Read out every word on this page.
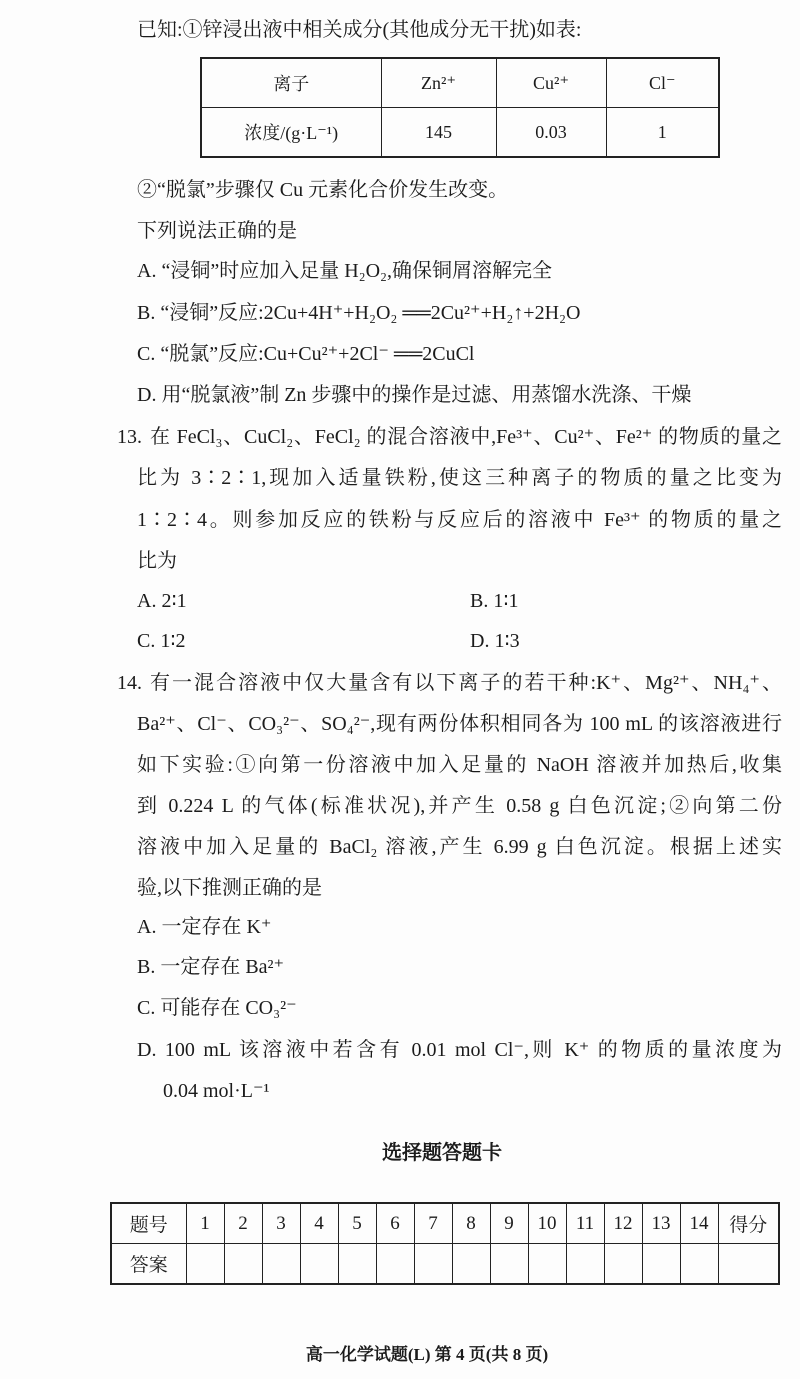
已知:①锌浸出液中相关成分(其他成分无干扰)如表:
离子	Zn²⁺	Cu²⁺	Cl⁻
浓度/(g·L⁻¹)	145	0.03	1
②“脱氯”步骤仅 Cu 元素化合价发生改变。
下列说法正确的是
A. “浸铜”时应加入足量 H₂O₂,确保铜屑溶解完全
B. “浸铜”反应:2Cu+4H⁺+H₂O₂ ══2Cu²⁺+H₂↑+2H₂O
C. “脱氯”反应:Cu+Cu²⁺+2Cl⁻ ══2CuCl
D. 用“脱氯液”制 Zn 步骤中的操作是过滤、用蒸馏水洗涤、干燥
13. 在 FeCl₃、CuCl₂、FeCl₂ 的混合溶液中,Fe³⁺、Cu²⁺、Fe²⁺ 的物质的量之
比为 3∶2∶1,现加入适量铁粉,使这三种离子的物质的量之比变为
1∶2∶4。则参加反应的铁粉与反应后的溶液中 Fe³⁺ 的物质的量之
比为
A. 2∶1	B. 1∶1
C. 1∶2	D. 1∶3
14. 有一混合溶液中仅大量含有以下离子的若干种:K⁺、Mg²⁺、NH₄⁺、
Ba²⁺、Cl⁻、CO₃²⁻、SO₄²⁻,现有两份体积相同各为 100 mL 的该溶液进行
如下实验:①向第一份溶液中加入足量的 NaOH 溶液并加热后,收集
到 0.224 L 的气体(标准状况),并产生 0.58 g 白色沉淀;②向第二份
溶液中加入足量的 BaCl₂ 溶液,产生 6.99 g 白色沉淀。根据上述实
验,以下推测正确的是
A. 一定存在 K⁺
B. 一定存在 Ba²⁺
C. 可能存在 CO₃²⁻
D. 100 mL 该溶液中若含有 0.01 mol Cl⁻,则 K⁺ 的物质的量浓度为
0.04 mol·L⁻¹
选择题答题卡
题号	1	2	3	4	5	6	7	8	9	10	11	12	13	14	得分
答案															
高一化学试题(L) 第 4 页(共 8 页)
